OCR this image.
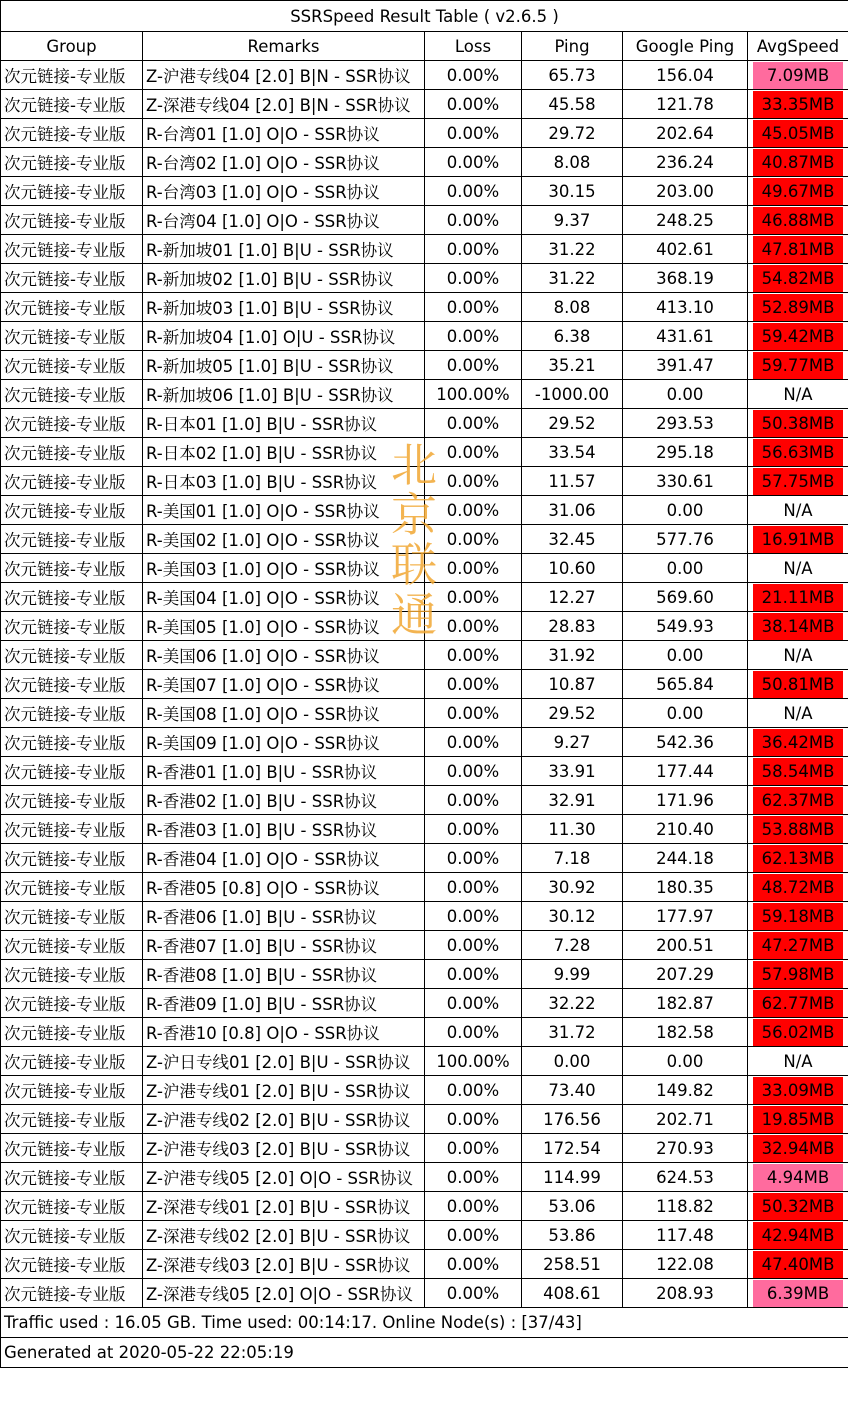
SSRSpeed Result Table ( v2.6.5 )					
Group	Remarks	Loss	Ping	Google Ping	AvgSpeed
次元链接-专业版	Z-沪港专线04 [2.0] B|N - SSR协议	0.00%	65.73	156.04	7.09MB

次元链接-专业版	Z-深港专线04 [2.0] B|N - SSR协议	0.00%	45.58	121.78	33.35MB

次元链接-专业版	R-台湾01 [1.0] O|O - SSR协议	0.00%	29.72	202.64	45.05MB

次元链接-专业版	R-台湾02 [1.0] O|O - SSR协议	0.00%	8.08	236.24	40.87MB

次元链接-专业版	R-台湾03 [1.0] O|O - SSR协议	0.00%	30.15	203.00	49.67MB

次元链接-专业版	R-台湾04 [1.0] O|O - SSR协议	0.00%	9.37	248.25	46.88MB

次元链接-专业版	R-新加坡01 [1.0] B|U - SSR协议	0.00%	31.22	402.61	47.81MB

次元链接-专业版	R-新加坡02 [1.0] B|U - SSR协议	0.00%	31.22	368.19	54.82MB

次元链接-专业版	R-新加坡03 [1.0] B|U - SSR协议	0.00%	8.08	413.10	52.89MB

次元链接-专业版	R-新加坡04 [1.0] O|U - SSR协议	0.00%	6.38	431.61	59.42MB

次元链接-专业版	R-新加坡05 [1.0] B|U - SSR协议	0.00%	35.21	391.47	59.77MB

次元链接-专业版	R-新加坡06 [1.0] B|U - SSR协议	100.00%	-1000.00	0.00	N/A

次元链接-专业版	R-日本01 [1.0] B|U - SSR协议	0.00%	29.52	293.53	50.38MB

次元链接-专业版	R-日本02 [1.0] B|U - SSR协议	0.00%	33.54	295.18	56.63MB

次元链接-专业版	R-日本03 [1.0] B|U - SSR协议	0.00%	11.57	330.61	57.75MB

次元链接-专业版	R-美国01 [1.0] O|O - SSR协议	0.00%	31.06	0.00	N/A

次元链接-专业版	R-美国02 [1.0] O|O - SSR协议	0.00%	32.45	577.76	16.91MB

次元链接-专业版	R-美国03 [1.0] O|O - SSR协议	0.00%	10.60	0.00	N/A

次元链接-专业版	R-美国04 [1.0] O|O - SSR协议	0.00%	12.27	569.60	21.11MB

次元链接-专业版	R-美国05 [1.0] O|O - SSR协议	0.00%	28.83	549.93	38.14MB

次元链接-专业版	R-美国06 [1.0] O|O - SSR协议	0.00%	31.92	0.00	N/A

次元链接-专业版	R-美国07 [1.0] O|O - SSR协议	0.00%	10.87	565.84	50.81MB

次元链接-专业版	R-美国08 [1.0] O|O - SSR协议	0.00%	29.52	0.00	N/A

次元链接-专业版	R-美国09 [1.0] O|O - SSR协议	0.00%	9.27	542.36	36.42MB

次元链接-专业版	R-香港01 [1.0] B|U - SSR协议	0.00%	33.91	177.44	58.54MB

次元链接-专业版	R-香港02 [1.0] B|U - SSR协议	0.00%	32.91	171.96	62.37MB

次元链接-专业版	R-香港03 [1.0] B|U - SSR协议	0.00%	11.30	210.40	53.88MB

次元链接-专业版	R-香港04 [1.0] O|O - SSR协议	0.00%	7.18	244.18	62.13MB

次元链接-专业版	R-香港05 [0.8] O|O - SSR协议	0.00%	30.92	180.35	48.72MB

次元链接-专业版	R-香港06 [1.0] B|U - SSR协议	0.00%	30.12	177.97	59.18MB

次元链接-专业版	R-香港07 [1.0] B|U - SSR协议	0.00%	7.28	200.51	47.27MB

次元链接-专业版	R-香港08 [1.0] B|U - SSR协议	0.00%	9.99	207.29	57.98MB

次元链接-专业版	R-香港09 [1.0] B|U - SSR协议	0.00%	32.22	182.87	62.77MB

次元链接-专业版	R-香港10 [0.8] O|O - SSR协议	0.00%	31.72	182.58	56.02MB

次元链接-专业版	Z-沪日专线01 [2.0] B|U - SSR协议	100.00%	0.00	0.00	N/A

次元链接-专业版	Z-沪港专线01 [2.0] B|U - SSR协议	0.00%	73.40	149.82	33.09MB

次元链接-专业版	Z-沪港专线02 [2.0] B|U - SSR协议	0.00%	176.56	202.71	19.85MB

次元链接-专业版	Z-沪港专线03 [2.0] B|U - SSR协议	0.00%	172.54	270.93	32.94MB

次元链接-专业版	Z-沪港专线05 [2.0] O|O - SSR协议	0.00%	114.99	624.53	4.94MB

次元链接-专业版	Z-深港专线01 [2.0] B|U - SSR协议	0.00%	53.06	118.82	50.32MB

次元链接-专业版	Z-深港专线02 [2.0] B|U - SSR协议	0.00%	53.86	117.48	42.94MB

次元链接-专业版	Z-深港专线03 [2.0] B|U - SSR协议	0.00%	258.51	122.08	47.40MB

次元链接-专业版	Z-深港专线05 [2.0] O|O - SSR协议	0.00%	408.61	208.93	6.39MB

Traffic used : 16.05 GB. Time used: 00:14:17. Online Node(s) : [37/43]					
Generated at 2020-05-22 22:05:19					
北
京
联
通
